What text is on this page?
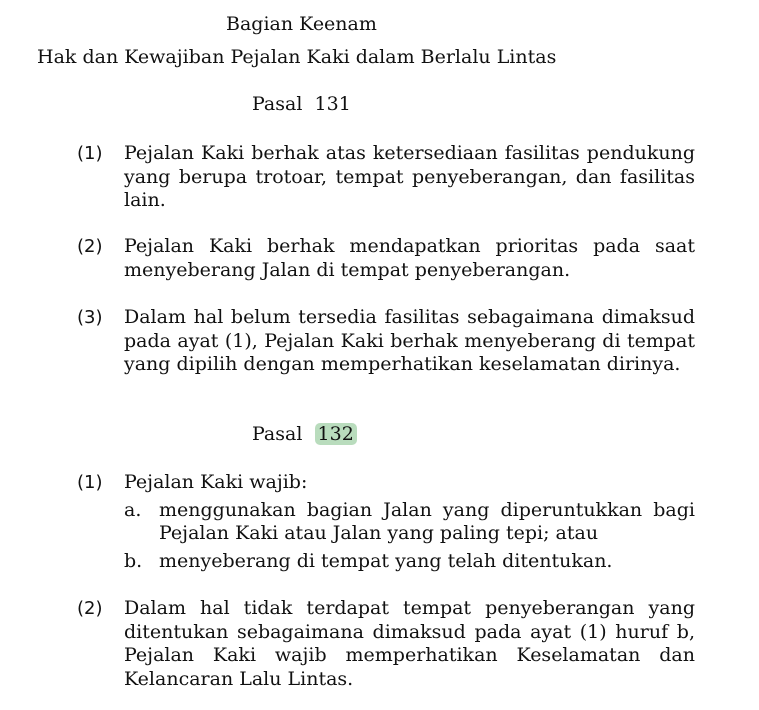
Bagian Keenam
Hak dan Kewajiban Pejalan Kaki dalam Berlalu Lintas
Pasal 131
(1) Pejalan Kaki berhak atas ketersediaan fasilitas pendukung yang berupa trotoar, tempat penyeberangan, dan fasilitas lain.
(2) Pejalan Kaki berhak mendapatkan prioritas pada saat menyeberang Jalan di tempat penyeberangan.
(3) Dalam hal belum tersedia fasilitas sebagaimana dimaksud pada ayat (1), Pejalan Kaki berhak menyeberang di tempat yang dipilih dengan memperhatikan keselamatan dirinya.
Pasal 132
(1) Pejalan Kaki wajib:
a. menggunakan bagian Jalan yang diperuntukkan bagi Pejalan Kaki atau Jalan yang paling tepi; atau
b. menyeberang di tempat yang telah ditentukan.
(2) Dalam hal tidak terdapat tempat penyeberangan yang ditentukan sebagaimana dimaksud pada ayat (1) huruf b, Pejalan Kaki wajib memperhatikan Keselamatan dan Kelancaran Lalu Lintas.
